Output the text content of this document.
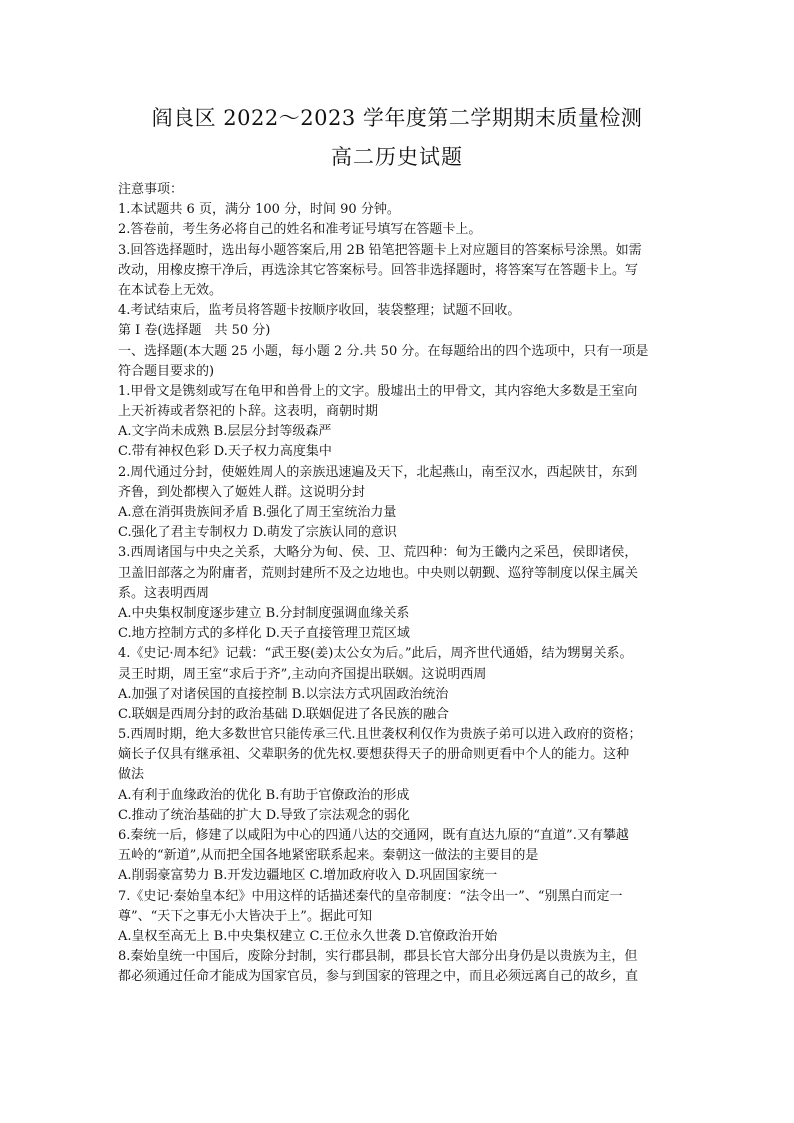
阎良区 2022～2023 学年度第二学期期末质量检测
高二历史试题
注意事项：
1.本试题共 6 页，满分 100 分，时间 90 分钟。
2.答卷前，考生务必将自己的姓名和准考证号填写在答题卡上。
3.回答选择题时，选出每小题答案后,用 2B 铅笔把答题卡上对应题目的答案标号涂黑。如需
改动，用橡皮擦干净后，再选涂其它答案标号。回答非选择题时，将答案写在答题卡上。写
在本试卷上无效。
4.考试结束后，监考员将答题卡按顺序收回，装袋整理；试题不回收。
第 I 卷(选择题　共 50 分)
一、选择题(本大题 25 小题，每小题 2 分.共 50 分。在每题给出的四个选项中，只有一项是
符合题目要求的)
1.甲骨文是镌刻或写在龟甲和兽骨上的文字。殷墟出土的甲骨文，其内容绝大多数是王室向
上天祈祷或者祭祀的卜辞。这表明，商朝时期
A.文字尚未成熟 B.层层分封等级森严
C.带有神权色彩 D.天子权力高度集中
2.周代通过分封，使姬姓周人的亲族迅速遍及天下，北起燕山，南至汉水，西起陕甘，东到
齐鲁，到处都楔入了姬姓人群。这说明分封
A.意在消弭贵族间矛盾 B.强化了周王室统治力量
C.强化了君主专制权力 D.萌发了宗族认同的意识
3.西周诸国与中央之关系，大略分为甸、侯、卫、荒四种：甸为王畿内之采邑，侯即诸侯，
卫盖旧部落之为附庸者，荒则封建所不及之边地也。中央则以朝觐、巡狩等制度以保主属关
系。这表明西周
A.中央集权制度逐步建立 B.分封制度强调血缘关系
C.地方控制方式的多样化 D.天子直接管理卫荒区域
4.《史记·周本纪》记载：“武王娶(姜)太公女为后。”此后，周齐世代通婚，结为甥舅关系。
灵王时期，周王室“求后于齐”,主动向齐国提出联姻。这说明西周
A.加强了对诸侯国的直接控制 B.以宗法方式巩固政治统治
C.联姻是西周分封的政治基础 D.联姻促进了各民族的融合
5.西周时期，绝大多数世官只能传承三代.且世袭权利仅作为贵族子弟可以进入政府的资格；
嫡长子仅具有继承祖、父辈职务的优先权.要想获得天子的册命则更看中个人的能力。这种
做法
A.有利于血缘政治的优化 B.有助于官僚政治的形成
C.推动了统治基础的扩大 D.导致了宗法观念的弱化
6.秦统一后，修建了以咸阳为中心的四通八达的交通网，既有直达九原的“直道”.又有攀越
五岭的“新道”,从而把全国各地紧密联系起来。秦朝这一做法的主要目的是
A.削弱豪富势力 B.开发边疆地区 C.增加政府收入 D.巩固国家统一
7.《史记·秦始皇本纪》中用这样的话描述秦代的皇帝制度：“法令出一”、“别黑白而定一
尊”、“天下之事无小大皆决于上”。据此可知
A.皇权至高无上 B.中央集权建立 C.王位永久世袭 D.官僚政治开始
8.秦始皇统一中国后，废除分封制，实行郡县制，郡县长官大部分出身仍是以贵族为主，但
都必须通过任命才能成为国家官员，参与到国家的管理之中，而且必须远离自己的故乡，直
